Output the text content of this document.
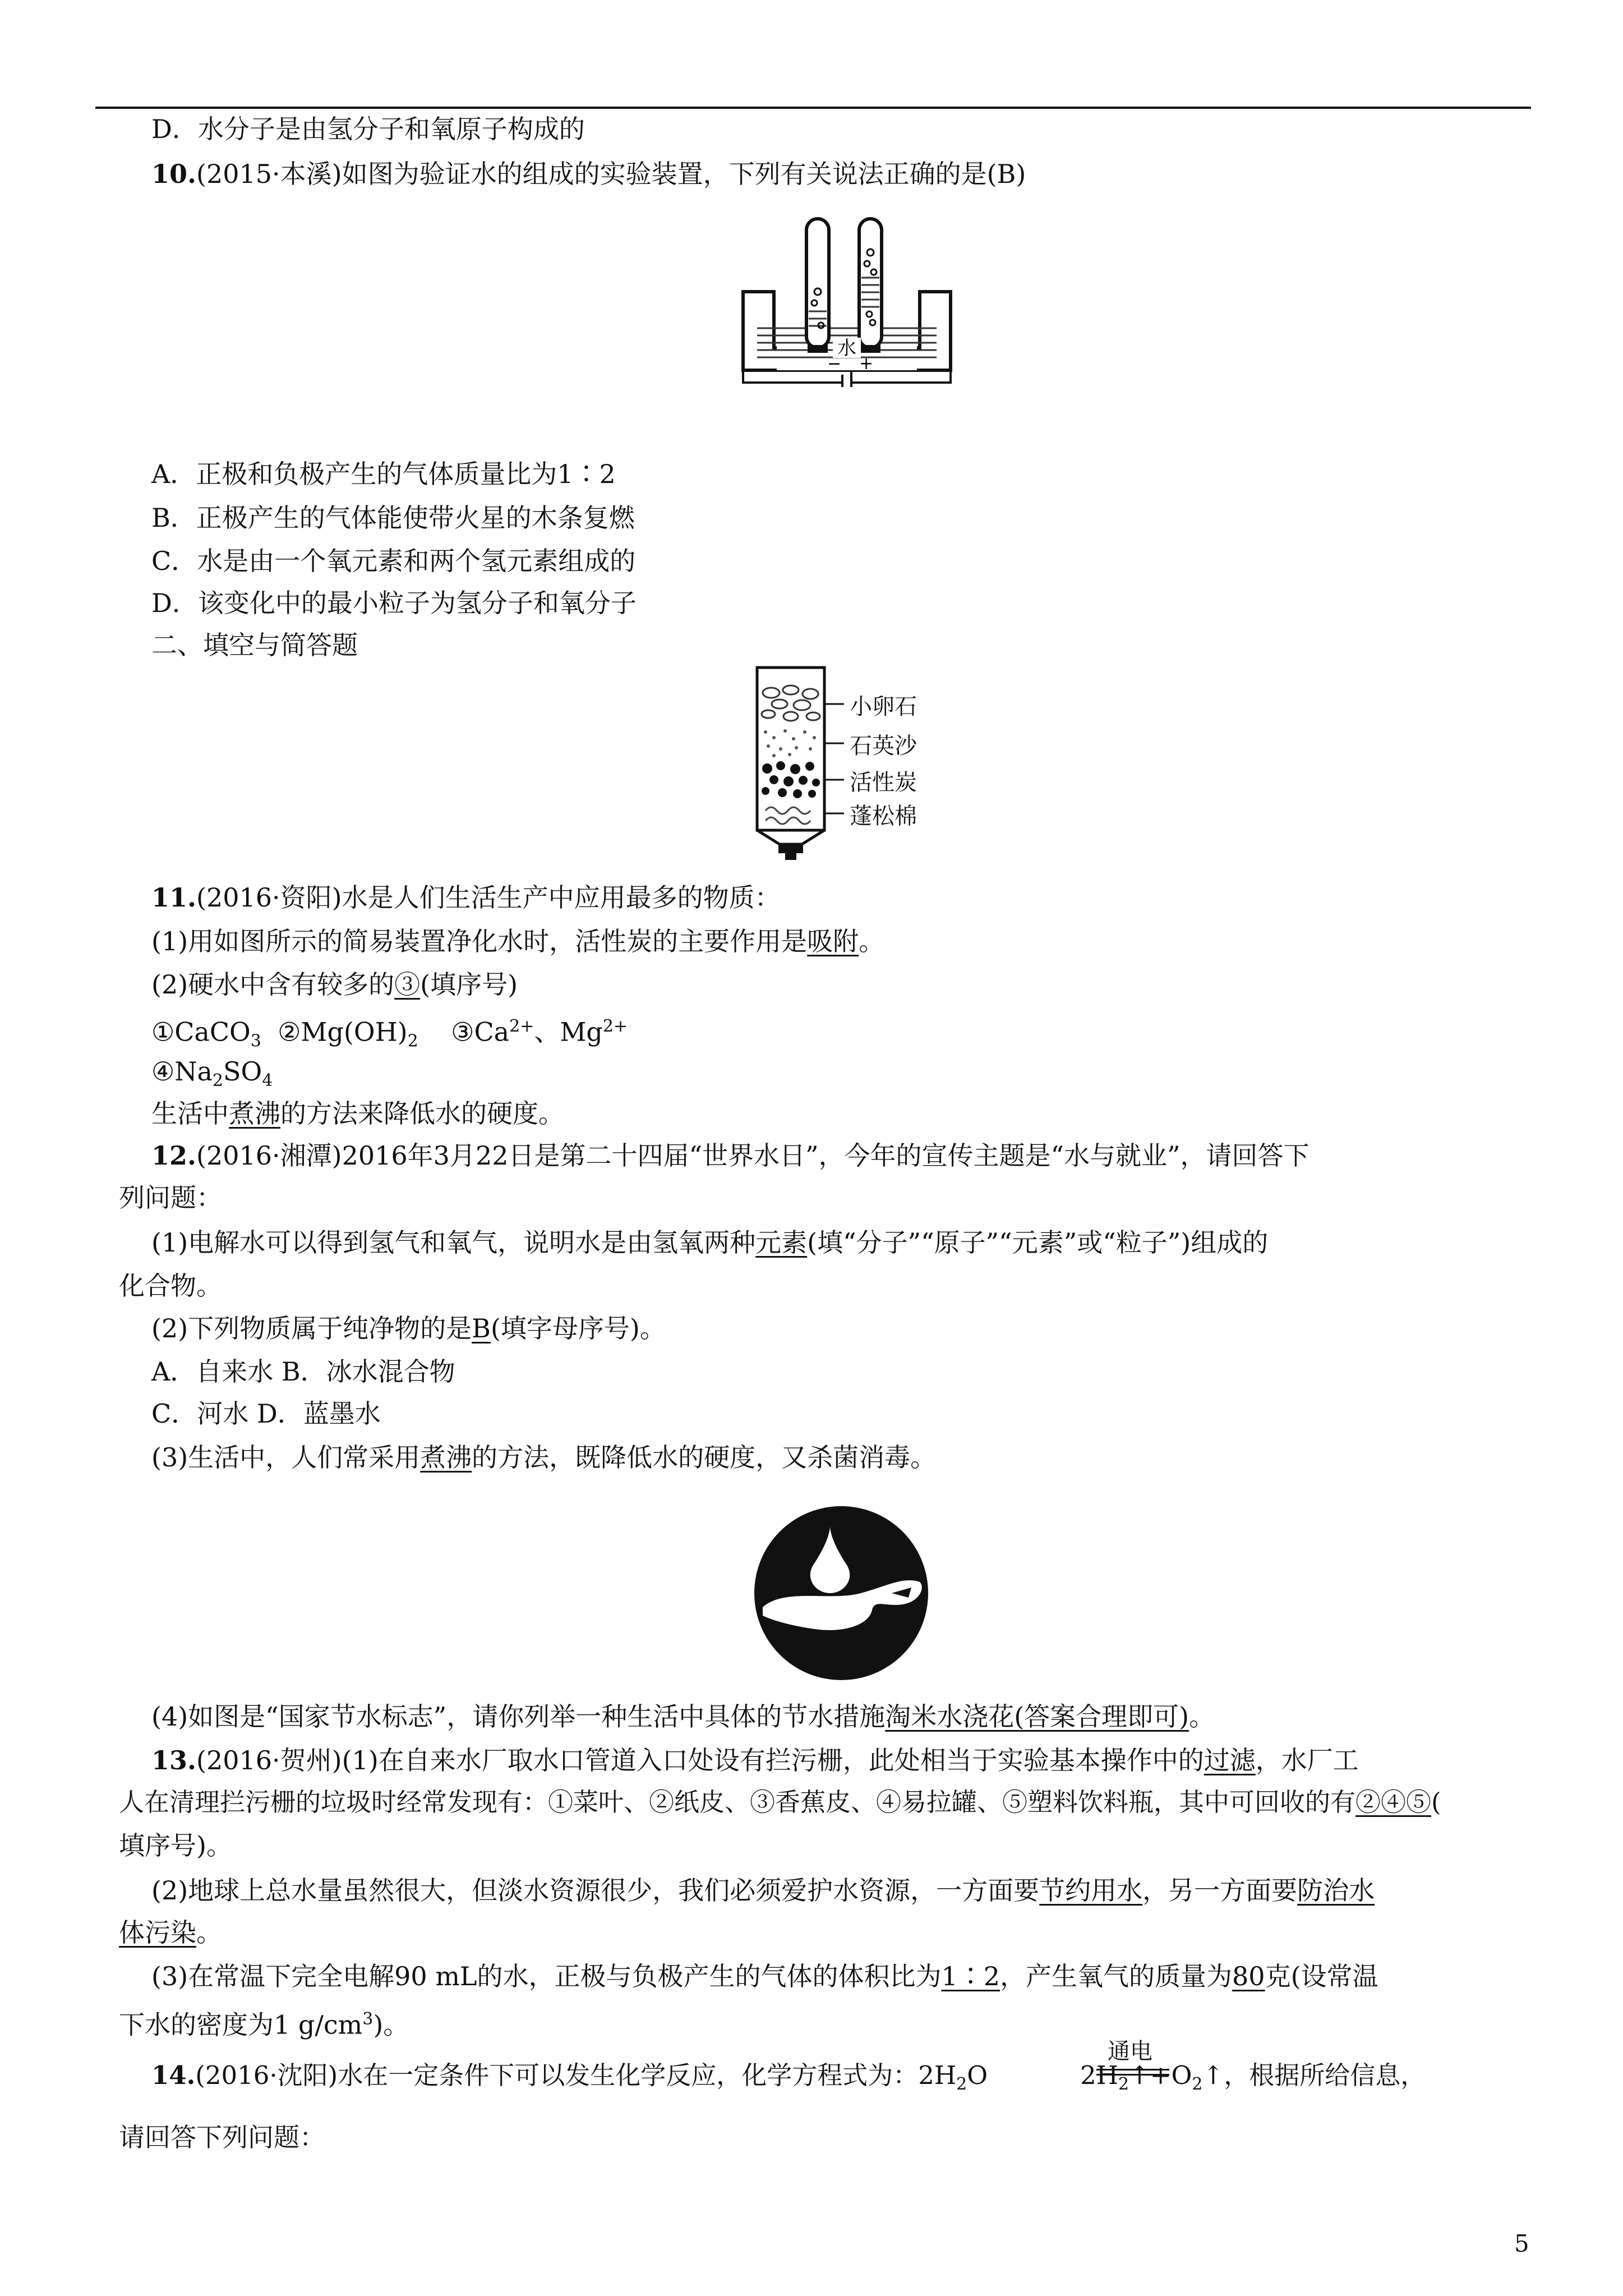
D．水分子是由氢分子和氧原子构成的
10.(2015·本溪)如图为验证水的组成的实验装置，下列有关说法正确的是(B)
水
− +
A．正极和负极产生的气体质量比为1∶2
B．正极产生的气体能使带火星的木条复燃
C．水是由一个氧元素和两个氢元素组成的
D．该变化中的最小粒子为氢分子和氧分子
二、填空与简答题
小卵石
石英沙
活性炭
蓬松棉
11.(2016·资阳)水是人们生活生产中应用最多的物质：
(1)用如图所示的简易装置净化水时，活性炭的主要作用是吸附。
(2)硬水中含有较多的③(填序号)
①CaCO$_3$ $②Mg(OH)_2$ $③Ca^{2+}$、$Mg^{2+}$
$④Na_2SO_4$
生活中煮沸的方法来降低水的硬度。
12.(2016·湘潭)2016年3月22日是第二十四届“世界水日”，今年的宣传主题是“水与就业”，请回答下
列问题：
(1)电解水可以得到氢气和氧气，说明水是由氢氧两种元素(填“分子”“原子”“元素”或“粒子”)组成的
化合物。
(2)下列物质属于纯净物的是B(填字母序号)。
A．自来水 B．冰水混合物
C．河水 D．蓝墨水
(3)生活中，人们常采用煮沸的方法，既降低水的硬度，又杀菌消毒。
(4)如图是“国家节水标志”，请你列举一种生活中具体的节水措施淘米水浇花(答案合理即可)。
13.(2016·贺州)(1)在自来水厂取水口管道入口处设有拦污栅，此处相当于实验基本操作中的过滤，水厂工
人在清理拦污栅的垃圾时经常发现有：①菜叶、②纸皮、③香蕉皮、④易拉罐、⑤塑料饮料瓶，其中可回收的有②④⑤(
填序号)。
(2)地球上总水量虽然很大，但淡水资源很少，我们必须爱护水资源，一方面要节约用水，另一方面要防治水
体污染。
(3)在常温下完全电解90 mL的水，正极与负极产生的气体的体积比为1∶2，产生氧气的质量为80克(设常温
下水的密度为1 $g/cm^3$)。
通电
14.(2016·沈阳)水在一定条件下可以发生化学反应，化学方程式为：$2H_2O$	$2H_2↑+O_2↑$，根据所给信息，
请回答下列问题：
5
